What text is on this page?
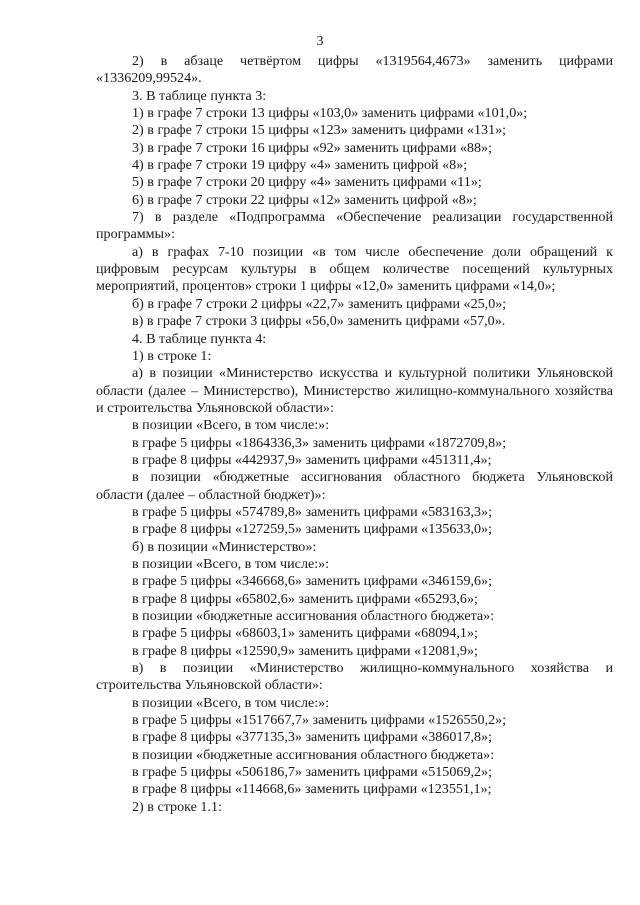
3

2) в абзаце четвёртом цифры «1319564,4673» заменить цифрами «1336209,99524».

3. В таблице пункта 3:

1) в графе 7 строки 13 цифры «103,0» заменить цифрами «101,0»;

2) в графе 7 строки 15 цифры «123» заменить цифрами «131»;

3) в графе 7 строки 16 цифры «92» заменить цифрами «88»;

4) в графе 7 строки 19 цифру «4» заменить цифрой «8»;

5) в графе 7 строки 20 цифру «4» заменить цифрами «11»;

6) в графе 7 строки 22 цифры «12» заменить цифрой «8»;

7) в разделе «Подпрограмма «Обеспечение реализации государственной программы»:

а) в графах 7-10 позиции «в том числе обеспечение доли обращений к цифровым ресурсам культуры в общем количестве посещений культурных мероприятий, процентов» строки 1 цифры «12,0» заменить цифрами «14,0»;

б) в графе 7 строки 2 цифры «22,7» заменить цифрами «25,0»;

в) в графе 7 строки 3 цифры «56,0» заменить цифрами «57,0».

4. В таблице пункта 4:

1) в строке 1:

а) в позиции «Министерство искусства и культурной политики Ульяновской области (далее – Министерство), Министерство жилищно-коммунального хозяйства и строительства Ульяновской области»:

в позиции «Всего, в том числе:»:

в графе 5 цифры «1864336,3» заменить цифрами «1872709,8»;

в графе 8 цифры «442937,9» заменить цифрами «451311,4»;

в позиции «бюджетные ассигнования областного бюджета Ульяновской области (далее – областной бюджет)»:

в графе 5 цифры «574789,8» заменить цифрами «583163,3»;

в графе 8 цифры «127259,5» заменить цифрами «135633,0»;

б) в позиции «Министерство»:

в позиции «Всего, в том числе:»:

в графе 5 цифры «346668,6» заменить цифрами «346159,6»;

в графе 8 цифры «65802,6» заменить цифрами «65293,6»;

в позиции «бюджетные ассигнования областного бюджета»:

в графе 5 цифры «68603,1» заменить цифрами «68094,1»;

в графе 8 цифры «12590,9» заменить цифрами «12081,9»;

в) в позиции «Министерство жилищно-коммунального хозяйства и строительства Ульяновской области»:

в позиции «Всего, в том числе:»:

в графе 5 цифры «1517667,7» заменить цифрами «1526550,2»;

в графе 8 цифры «377135,3» заменить цифрами «386017,8»;

в позиции «бюджетные ассигнования областного бюджета»:

в графе 5 цифры «506186,7» заменить цифрами «515069,2»;

в графе 8 цифры «114668,6» заменить цифрами «123551,1»;

2) в строке 1.1:
